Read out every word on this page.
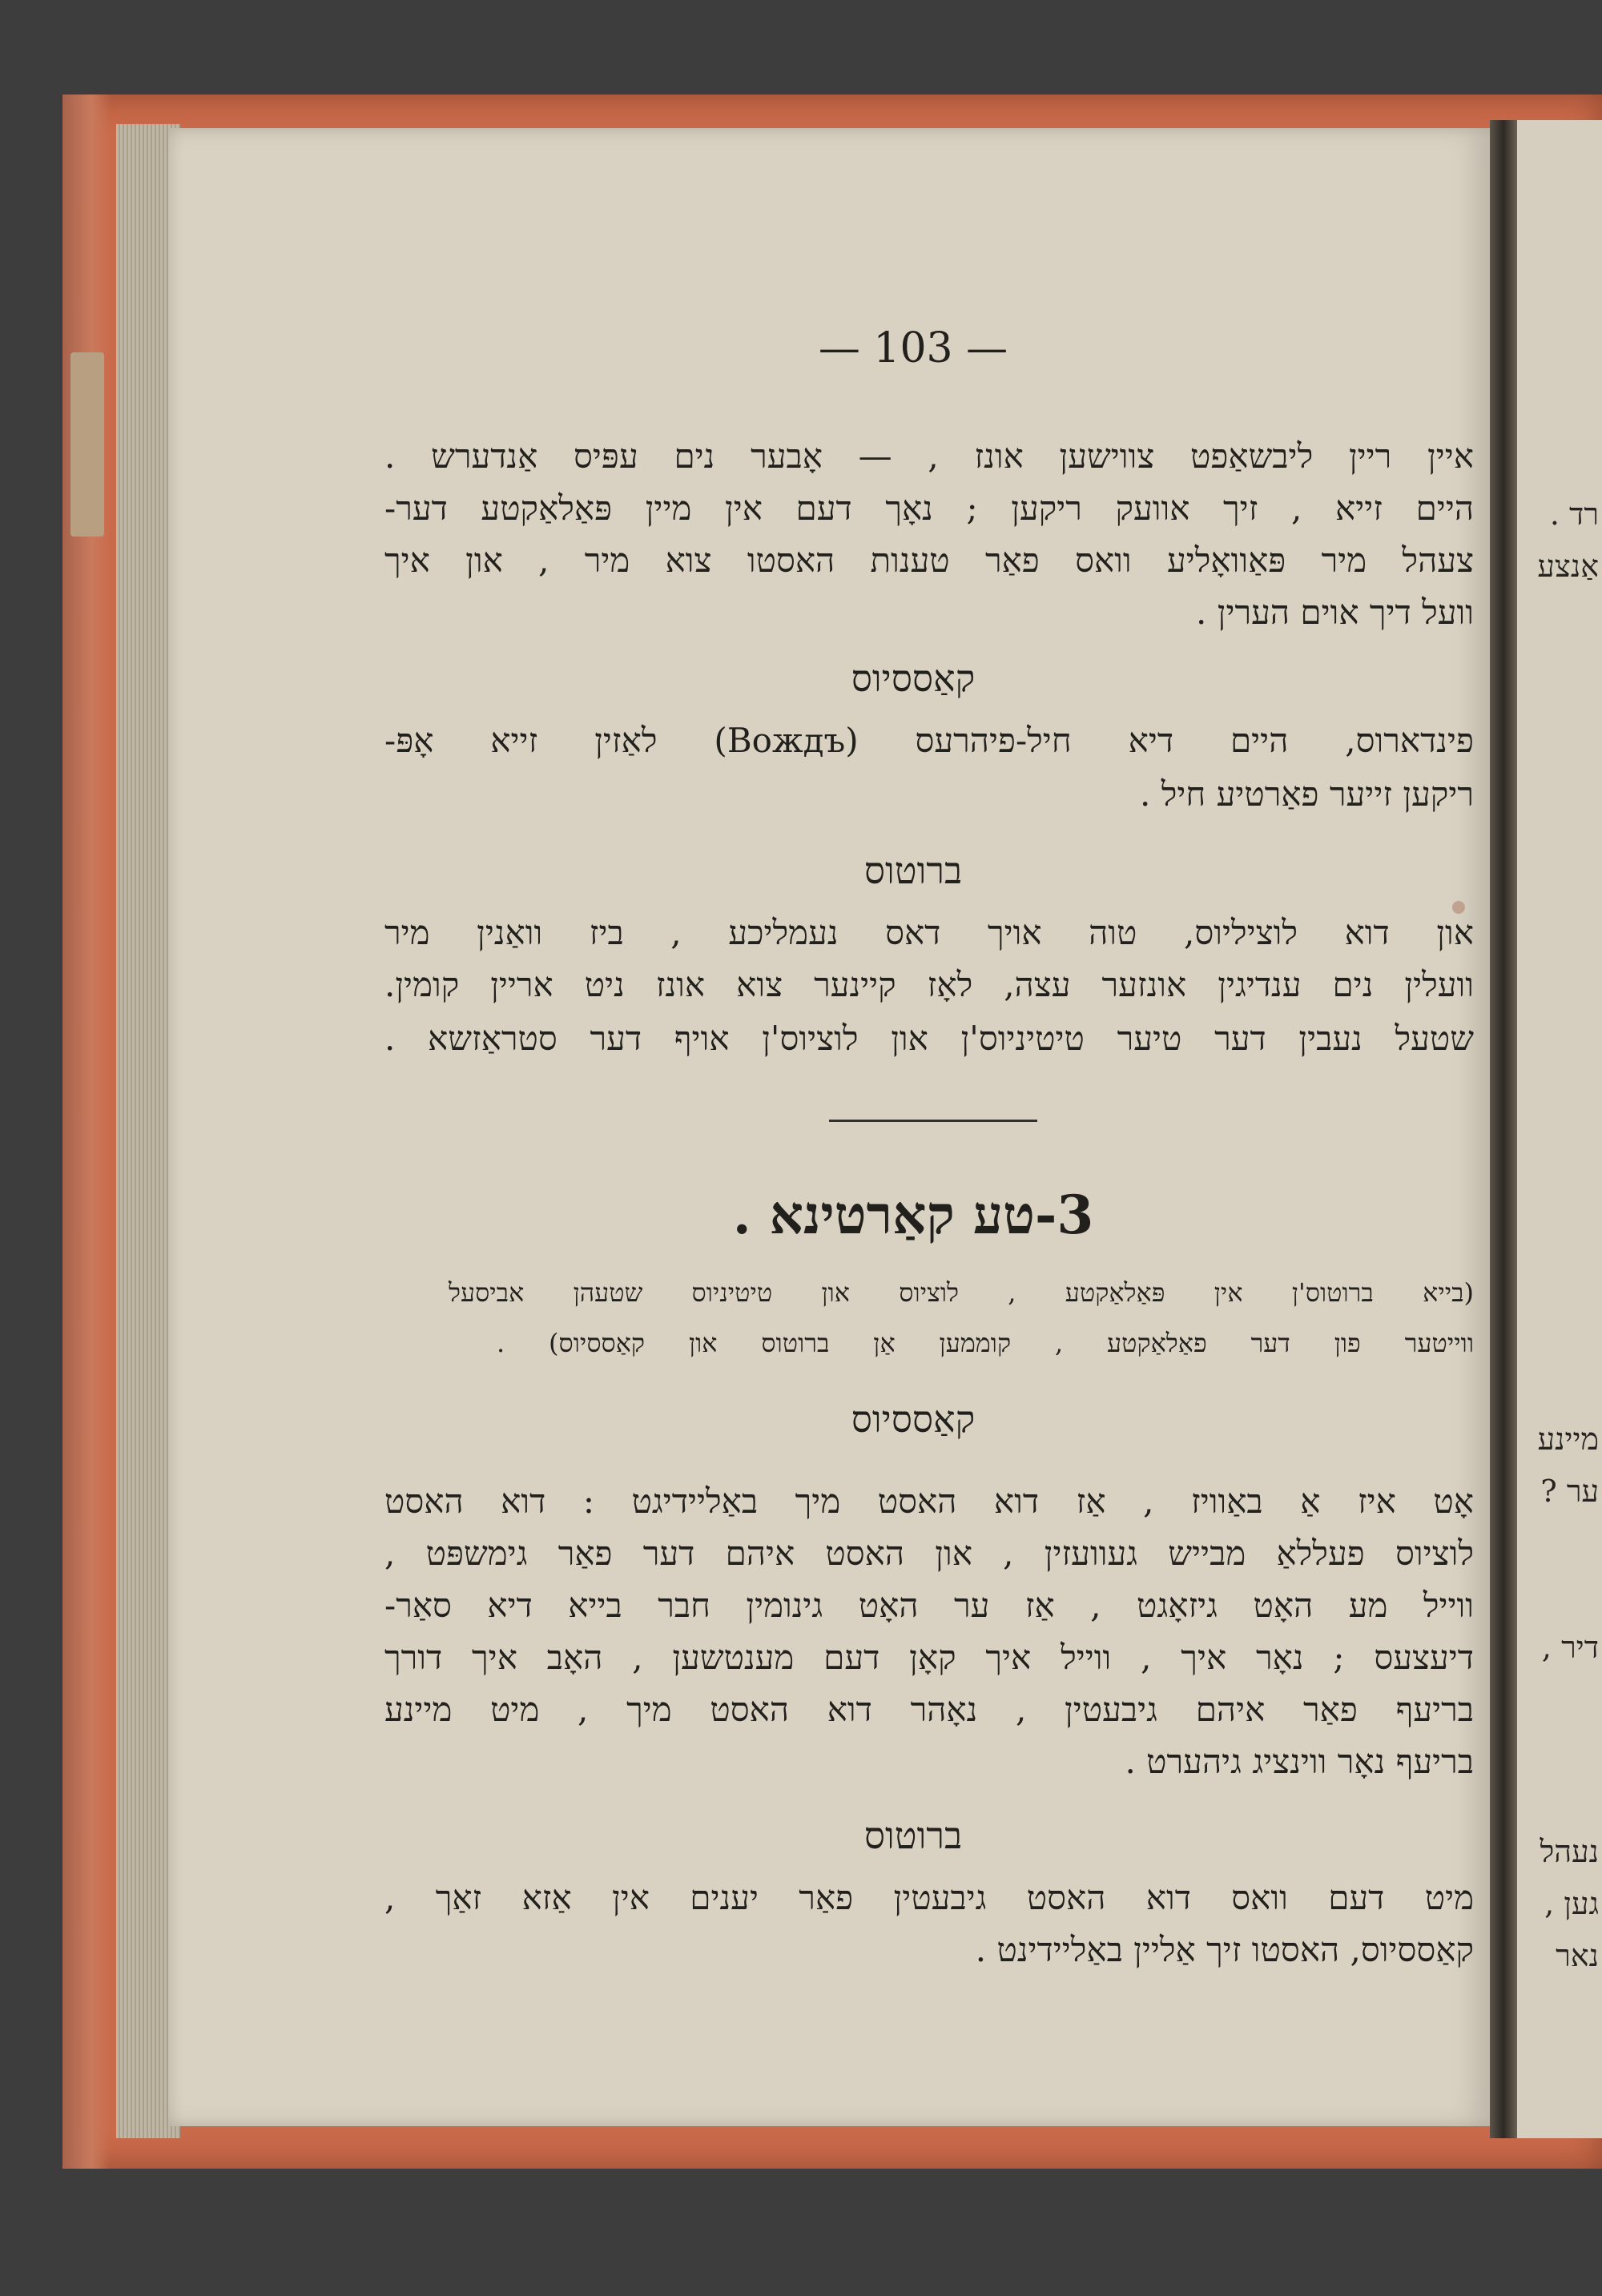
רד .
אַנצע
מיינע
ער ?
דיר ,
נעהל
גען ,
נאר
— 103 —
איין ריין ליבשאַפט צווישען אונז , — אָבער נים עפּיס אַנדערש .
היים זייא , זיך אוועק ריקען ; נאָך דעם אין מיין פּאַלאַקטע דער-
צעהל מיר פּאַוואָליע וואס פאַר טענות האסטו צוא מיר , און איך
וועל דיך אוים הערין .
קאַססיוס
פינדארוס, היים דיא חיל-פיהרעס (Вождъ) לאַזין זייא אָפּ-
ריקען זייער פאַרטיע חיל .
ברוטוס
און דוא לוציליוס, טוה אויך דאס נעמליכע , ביז וואַנין מיר
וועלין נים ענדיגין אונזער עצה, לאָז קיינער צוא אונז ניט אריין קומין.
שטעל נעבין דער טיער טיטיניוס'ן און לוציוס'ן אויף דער סטראַזשא .
3-טע קאַרטינא .
(בייא ברוטוס'ן אין פּאַלאַקטע , לוציוס און טיטיניוס שטעהן אביסעל
ווייטער פון דער פאַלאַקטע , קוממען אַן ברוטוס און קאַססיוס) .
קאַססיוס
אָט איז אַ באַוויז , אַז דוא האסט מיך באַליידיגט : דוא האסט
לוציוס פעללאַ מבייש געוועזין , און האסט איהם דער פאַר גימשפּט ,
ווייל מע האָט גיזאָגט , אַז ער האָט גינומין חבר בייא דיא סאַר-
דיעצעס ; נאָר איך , ווייל איך קאָן דעם מענטשען , האָב איך דורך
בריעף פאַר איהם גיבעטין , נאָהר דוא האסט מיך , מיט מיינע
בריעף נאָר ווינציג גיהערט .
ברוטוס
מיט דעם וואס דוא האסט גיבעטין פאַר יענים אין אַזא זאַך ,
קאַססיוס, האסטו זיך אַליין באַליידינט .
